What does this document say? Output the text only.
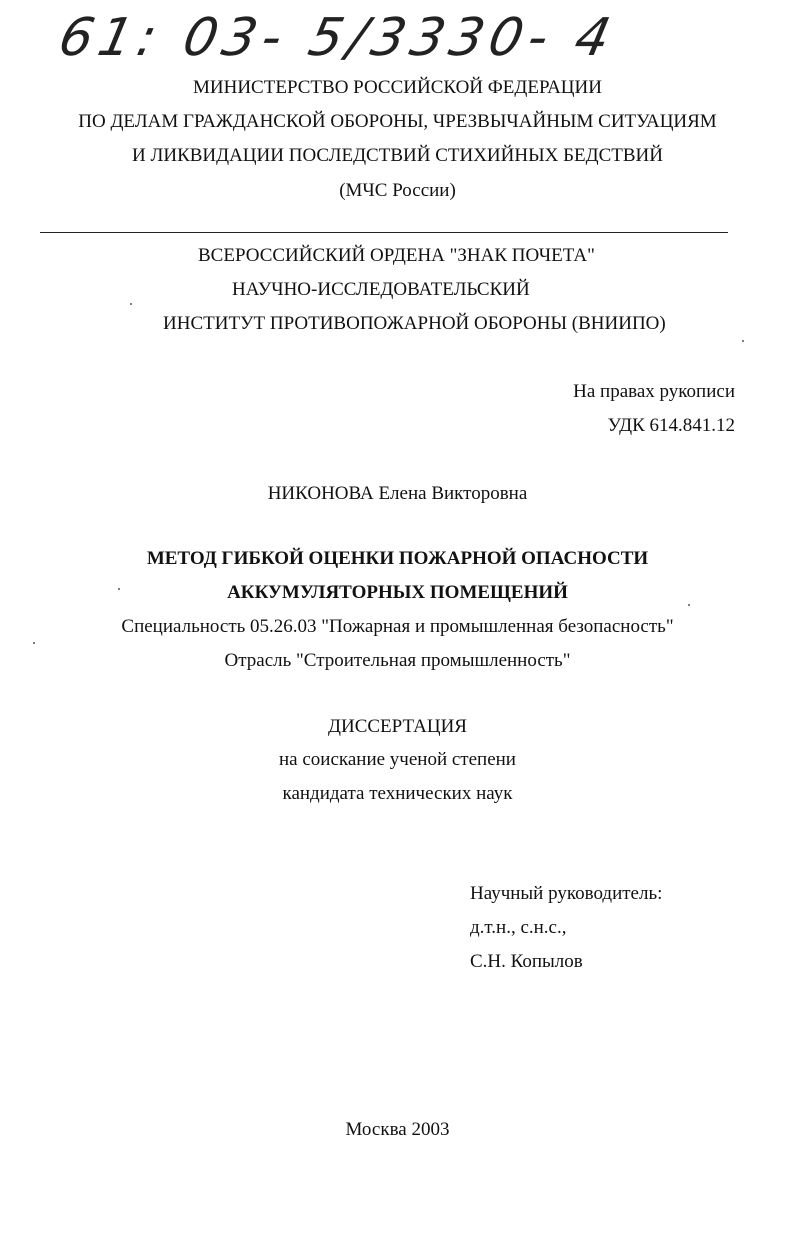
61: 03- 5/3330- 4
МИНИСТЕРСТВО РОССИЙСКОЙ ФЕДЕРАЦИИ
ПО ДЕЛАМ ГРАЖДАНСКОЙ ОБОРОНЫ, ЧРЕЗВЫЧАЙНЫМ СИТУАЦИЯМ
И ЛИКВИДАЦИИ ПОСЛЕДСТВИЙ СТИХИЙНЫХ БЕДСТВИЙ
(МЧС России)
ВСЕРОССИЙСКИЙ ОРДЕНА "ЗНАК ПОЧЕТА"
НАУЧНО-ИССЛЕДОВАТЕЛЬСКИЙ
ИНСТИТУТ ПРОТИВОПОЖАРНОЙ ОБОРОНЫ (ВНИИПО)
На правах рукописи
УДК 614.841.12
НИКОНОВА Елена Викторовна
МЕТОД ГИБКОЙ ОЦЕНКИ ПОЖАРНОЙ ОПАСНОСТИ
АККУМУЛЯТОРНЫХ ПОМЕЩЕНИЙ
Специальность 05.26.03 "Пожарная и промышленная безопасность"
Отрасль "Строительная промышленность"
ДИССЕРТАЦИЯ
на соискание ученой степени
кандидата технических наук
Научный руководитель:
д.т.н., с.н.с.,
С.Н. Копылов
Москва 2003
